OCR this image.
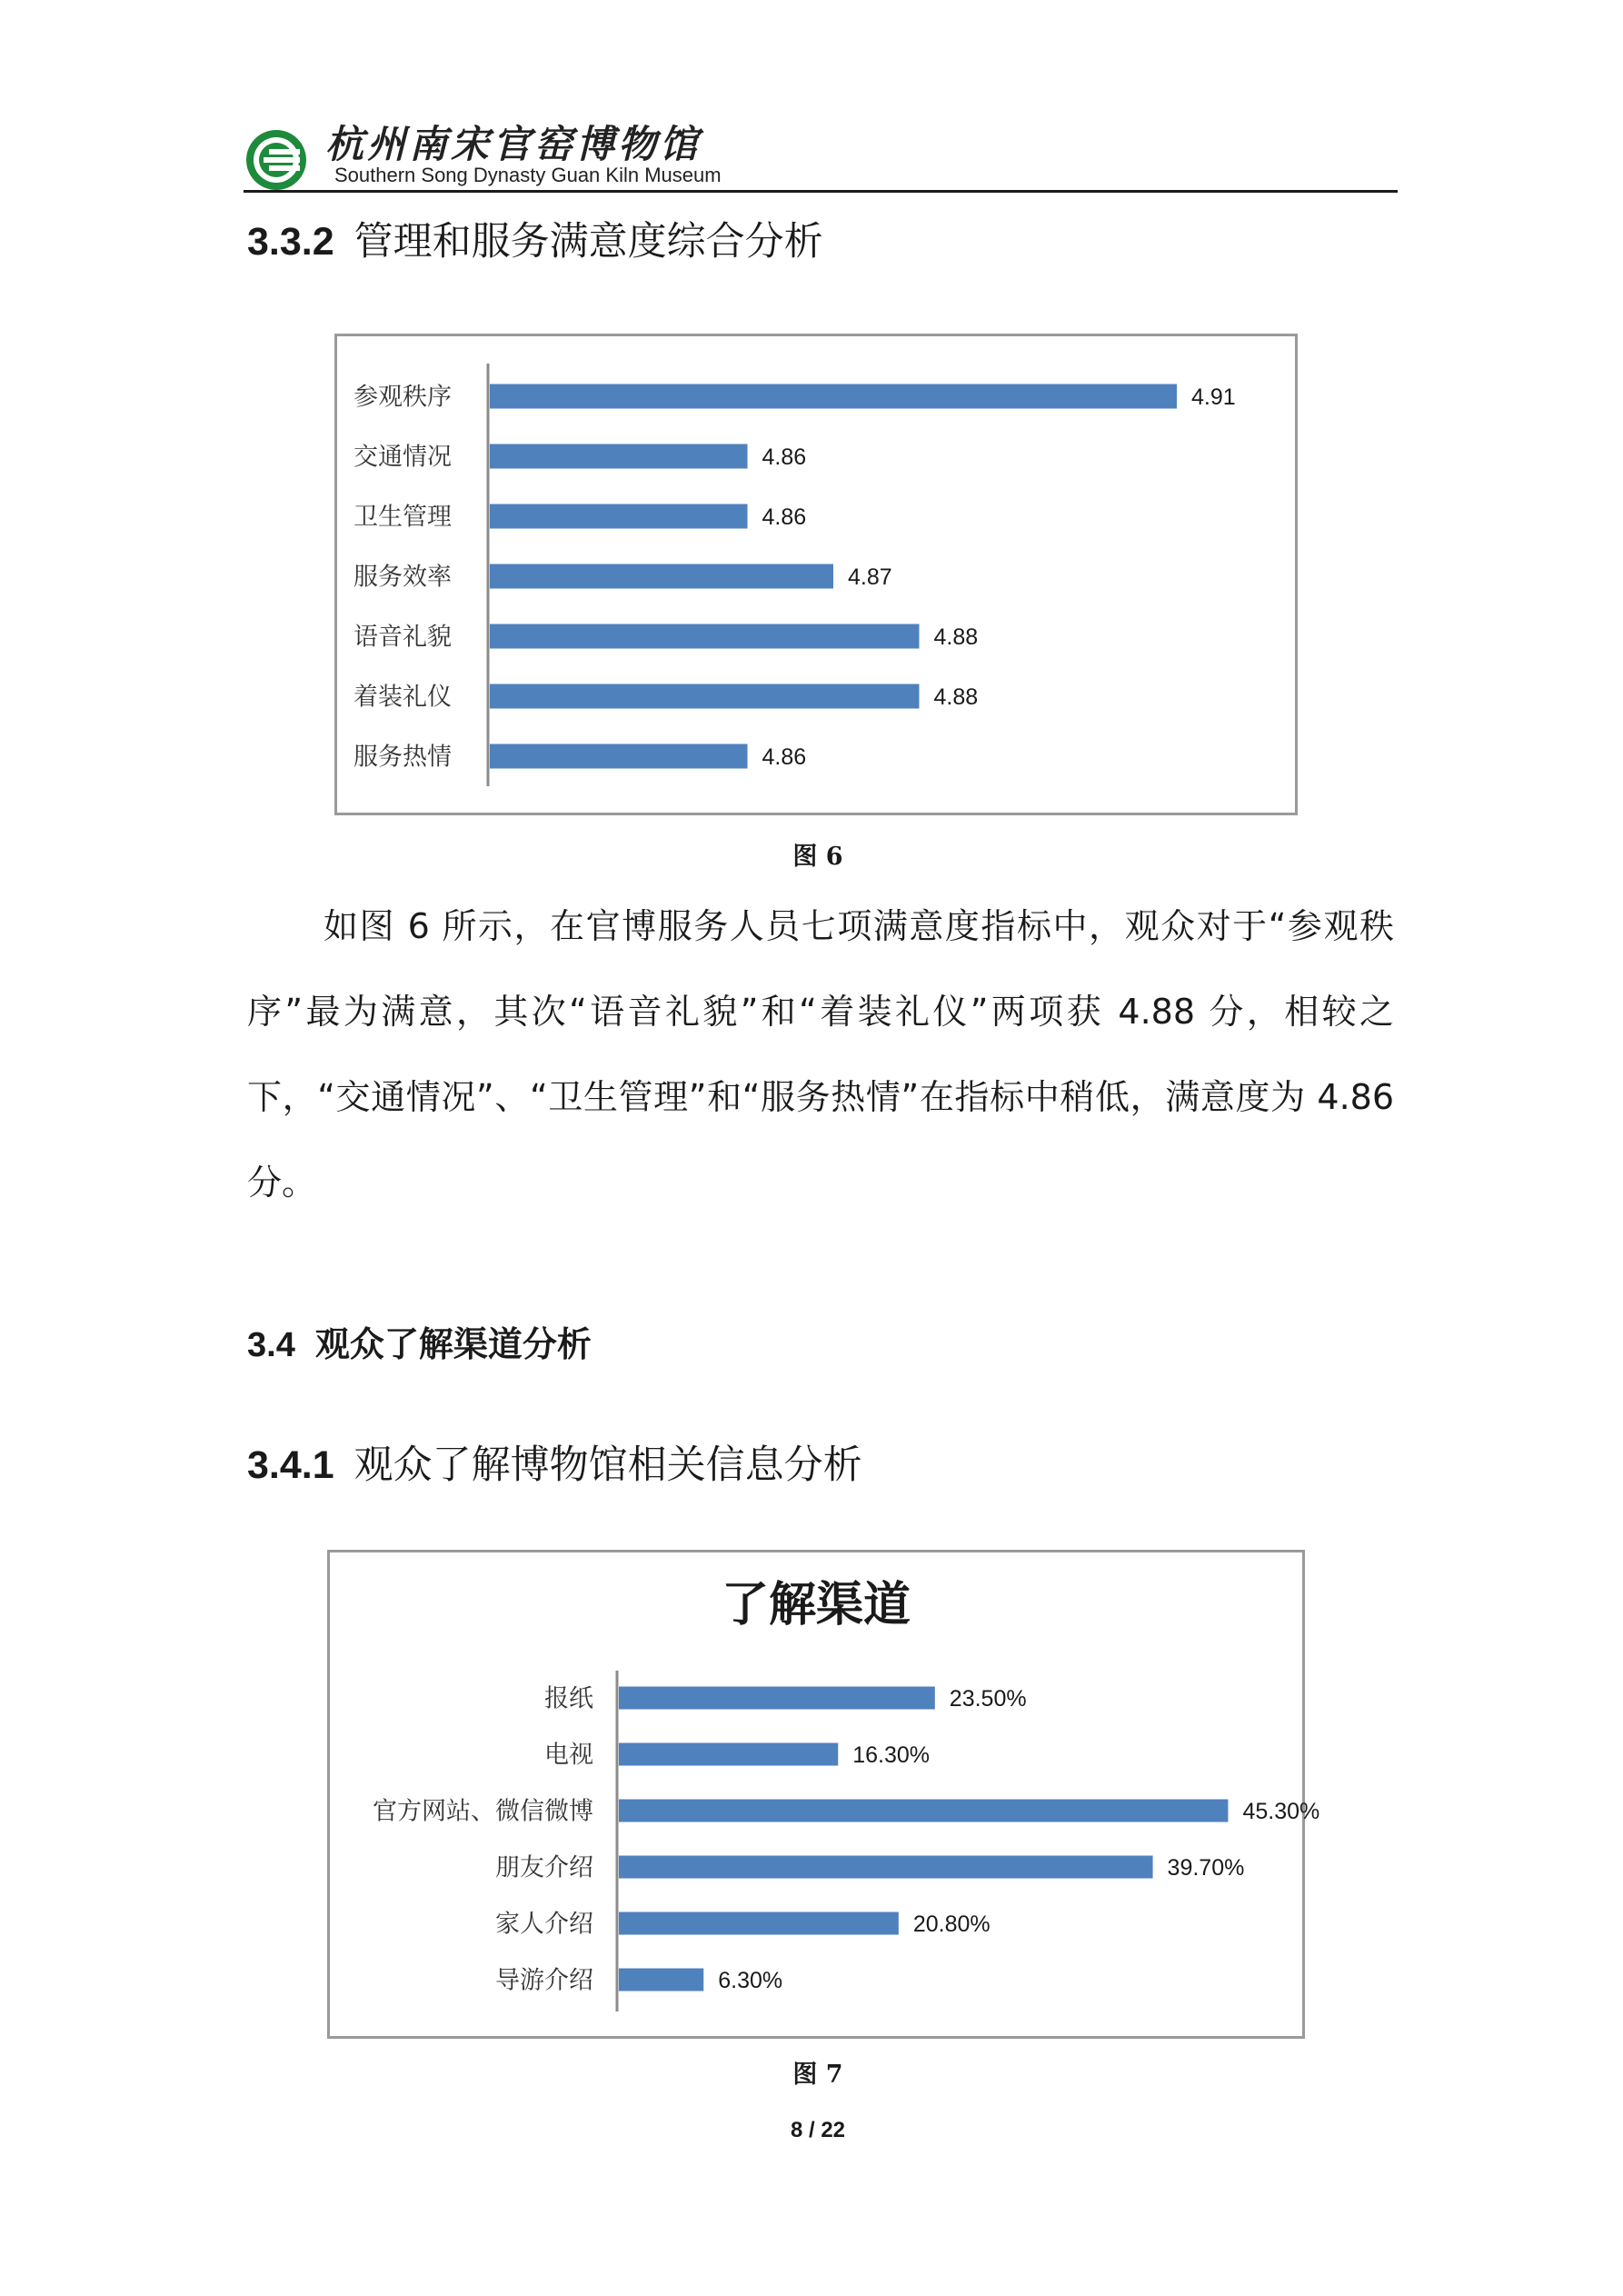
杭州南宋官窑博物馆
Southern Song Dynasty Guan Kiln Museum
3.3.2 管理和服务满意度综合分析
参观秩序	4.91
交通情况	4.86
卫生管理	4.86
服务效率	4.87
语音礼貌	4.88
着装礼仪	4.88
服务热情	4.86
图 6

如图 6 所示，在官博服务人员七项满意度指标中，观众对于“参观秩序”最为满意，其次“语音礼貌”和“着装礼仪”两项获 4.88 分，相较之下，“交通情况”、“卫生管理”和“服务热情”在指标中稍低，满意度为 4.86 分。

3.4 观众了解渠道分析
3.4.1 观众了解博物馆相关信息分析
了解渠道
报纸	23.50%
电视	16.30%
官方网站、微信微博	45.30%
朋友介绍	39.70%
家人介绍	20.80%
导游介绍	6.30%
图 7
8 / 22
